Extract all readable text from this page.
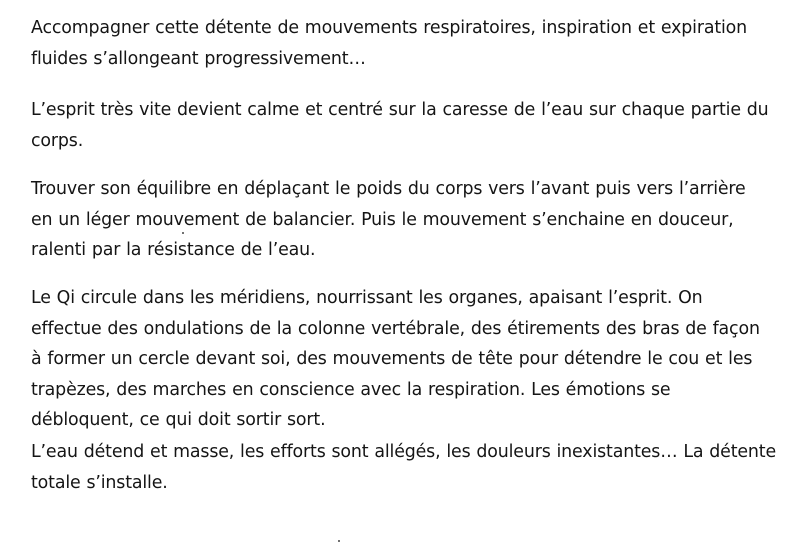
Accompagner cette détente de mouvements respiratoires, inspiration et expiration
fluides s’allongeant progressivement…
L’esprit très vite devient calme et centré sur la caresse de l’eau sur chaque partie du
corps.
Trouver son équilibre en déplaçant le poids du corps vers l’avant puis vers l’arrière
en un léger mouvement de balancier. Puis le mouvement s’enchaine en douceur,
ralenti par la résistance de l’eau.
Le Qi circule dans les méridiens, nourrissant les organes, apaisant l’esprit. On
effectue des ondulations de la colonne vertébrale, des étirements des bras de façon
à former un cercle devant soi, des mouvements de tête pour détendre le cou et les
trapèzes, des marches en conscience avec la respiration. Les émotions se
débloquent, ce qui doit sortir sort.
L’eau détend et masse, les efforts sont allégés, les douleurs inexistantes… La détente
totale s’installe.
